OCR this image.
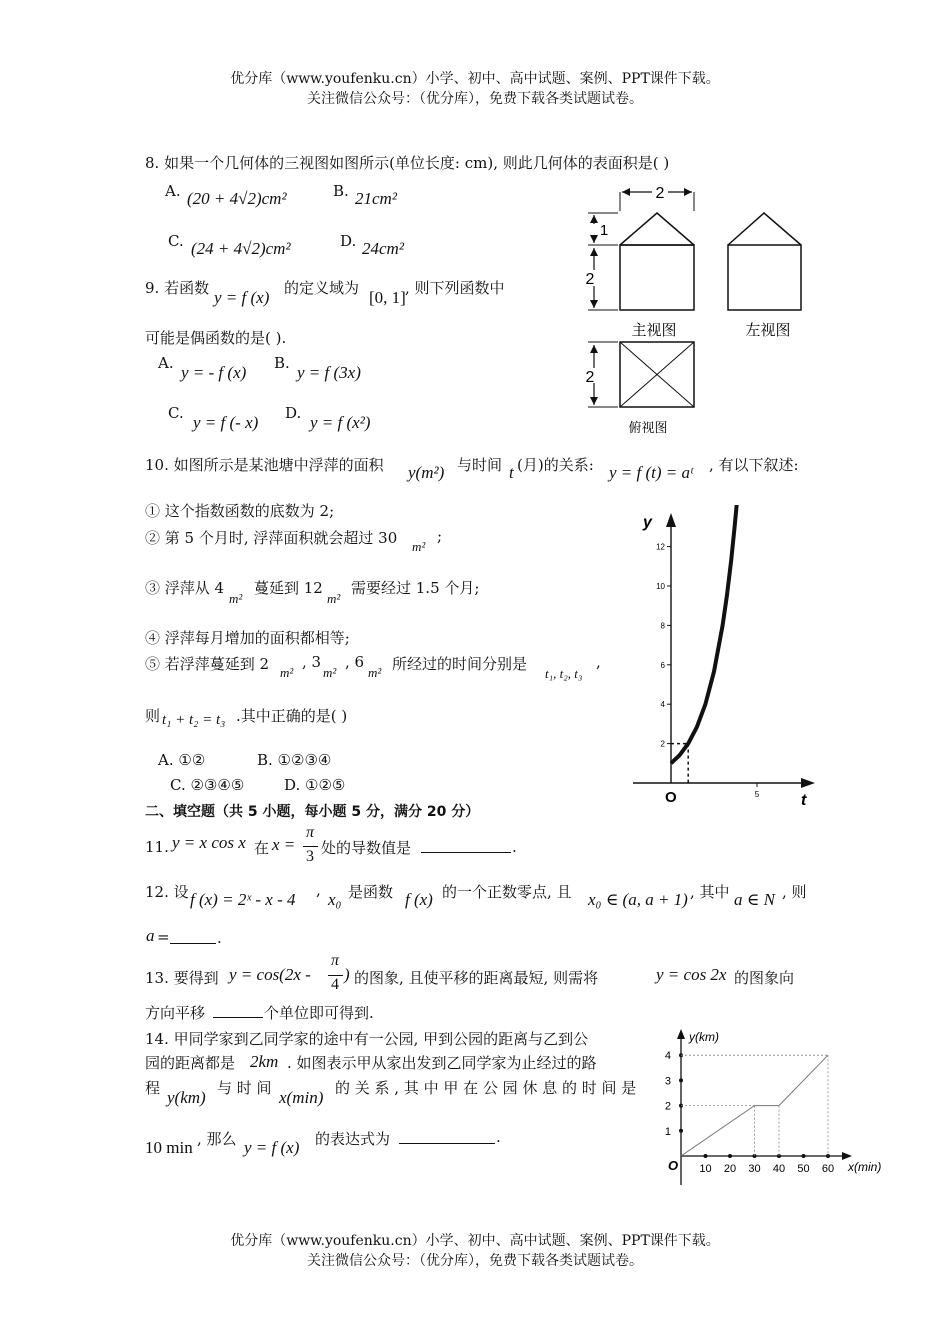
优分库（www.youfenku.cn）小学、初中、高中试题、案例、PPT课件下载。
关注微信公众号：（优分库），免费下载各类试题试卷。
8. 如果一个几何体的三视图如图所示(单位长度: cm), 则此几何体的表面积是( )
A. (20 + 4√2)cm²	B. 21cm²
C. (24 + 4√2)cm²	D. 24cm²
2
1
2
2
主视图	左视图
俯视图
9. 若函数 y = f (x) 的定义域为 [0, 1] , 则下列函数中
可能是偶函数的是( ).
A. y = - f (x) B. y = f (3x)
C. y = f (- x) D. y = f (x²)
10. 如图所示是某池塘中浮萍的面积 y(m²) 与时间 t (月)的关系: y = f (t) = aᵗ , 有以下叙述:
① 这个指数函数的底数为 2;
② 第 5 个月时, 浮萍面积就会超过 30 m²
;
③ 浮萍从 4
m²
蔓延到 12
m²
需要经过 1.5 个月;
④ 浮萍每月增加的面积都相等;
⑤ 若浮萍蔓延到 2 m²
, 3
m²
, 6
m² 所经过的时间分别是
t₁, t₂, t₃
,
则 t₁ + t₂ = t₃ .其中正确的是( )
A. ①②	B. ①②③④
C. ②③④⑤	D. ①②⑤
y
t
O
2
4
6
8
10
12
5
二、填空题（共 5 小题，每小题 5 分，满分 20 分）
11. y = x cos x 在 x =
π
3 处的导数值是	.
12. 设 f (x) = 2ˣ - x - 4 , x₀ 是函数 f (x) 的一个正数零点, 且 x₀ ∈ (a, a + 1) , 其中 a ∈ N , 则
a =	.
13. 要得到 y = cos(2x -
π
4
) 的图象, 且使平移的距离最短, 则需将	y = cos 2x 的图象向
方向平移	个单位即可得到.
14. 甲同学家到乙同学家的途中有一公园, 甲到公园的距离与乙到公
园的距离都是 2km . 如图表示甲从家出发到乙同学家为止经过的路
程 y(km) 与 时 间 x(min) 的 关 系 , 其 中 甲 在 公 园 休 息 的 时 间 是
10 min , 那么 y = f (x) 的表达式为	.
y(km)
x(min)
O 10 20 30 40 50 60
1
2
3
4
优分库（www.youfenku.cn）小学、初中、高中试题、案例、PPT课件下载。
关注微信公众号：（优分库），免费下载各类试题试卷。
